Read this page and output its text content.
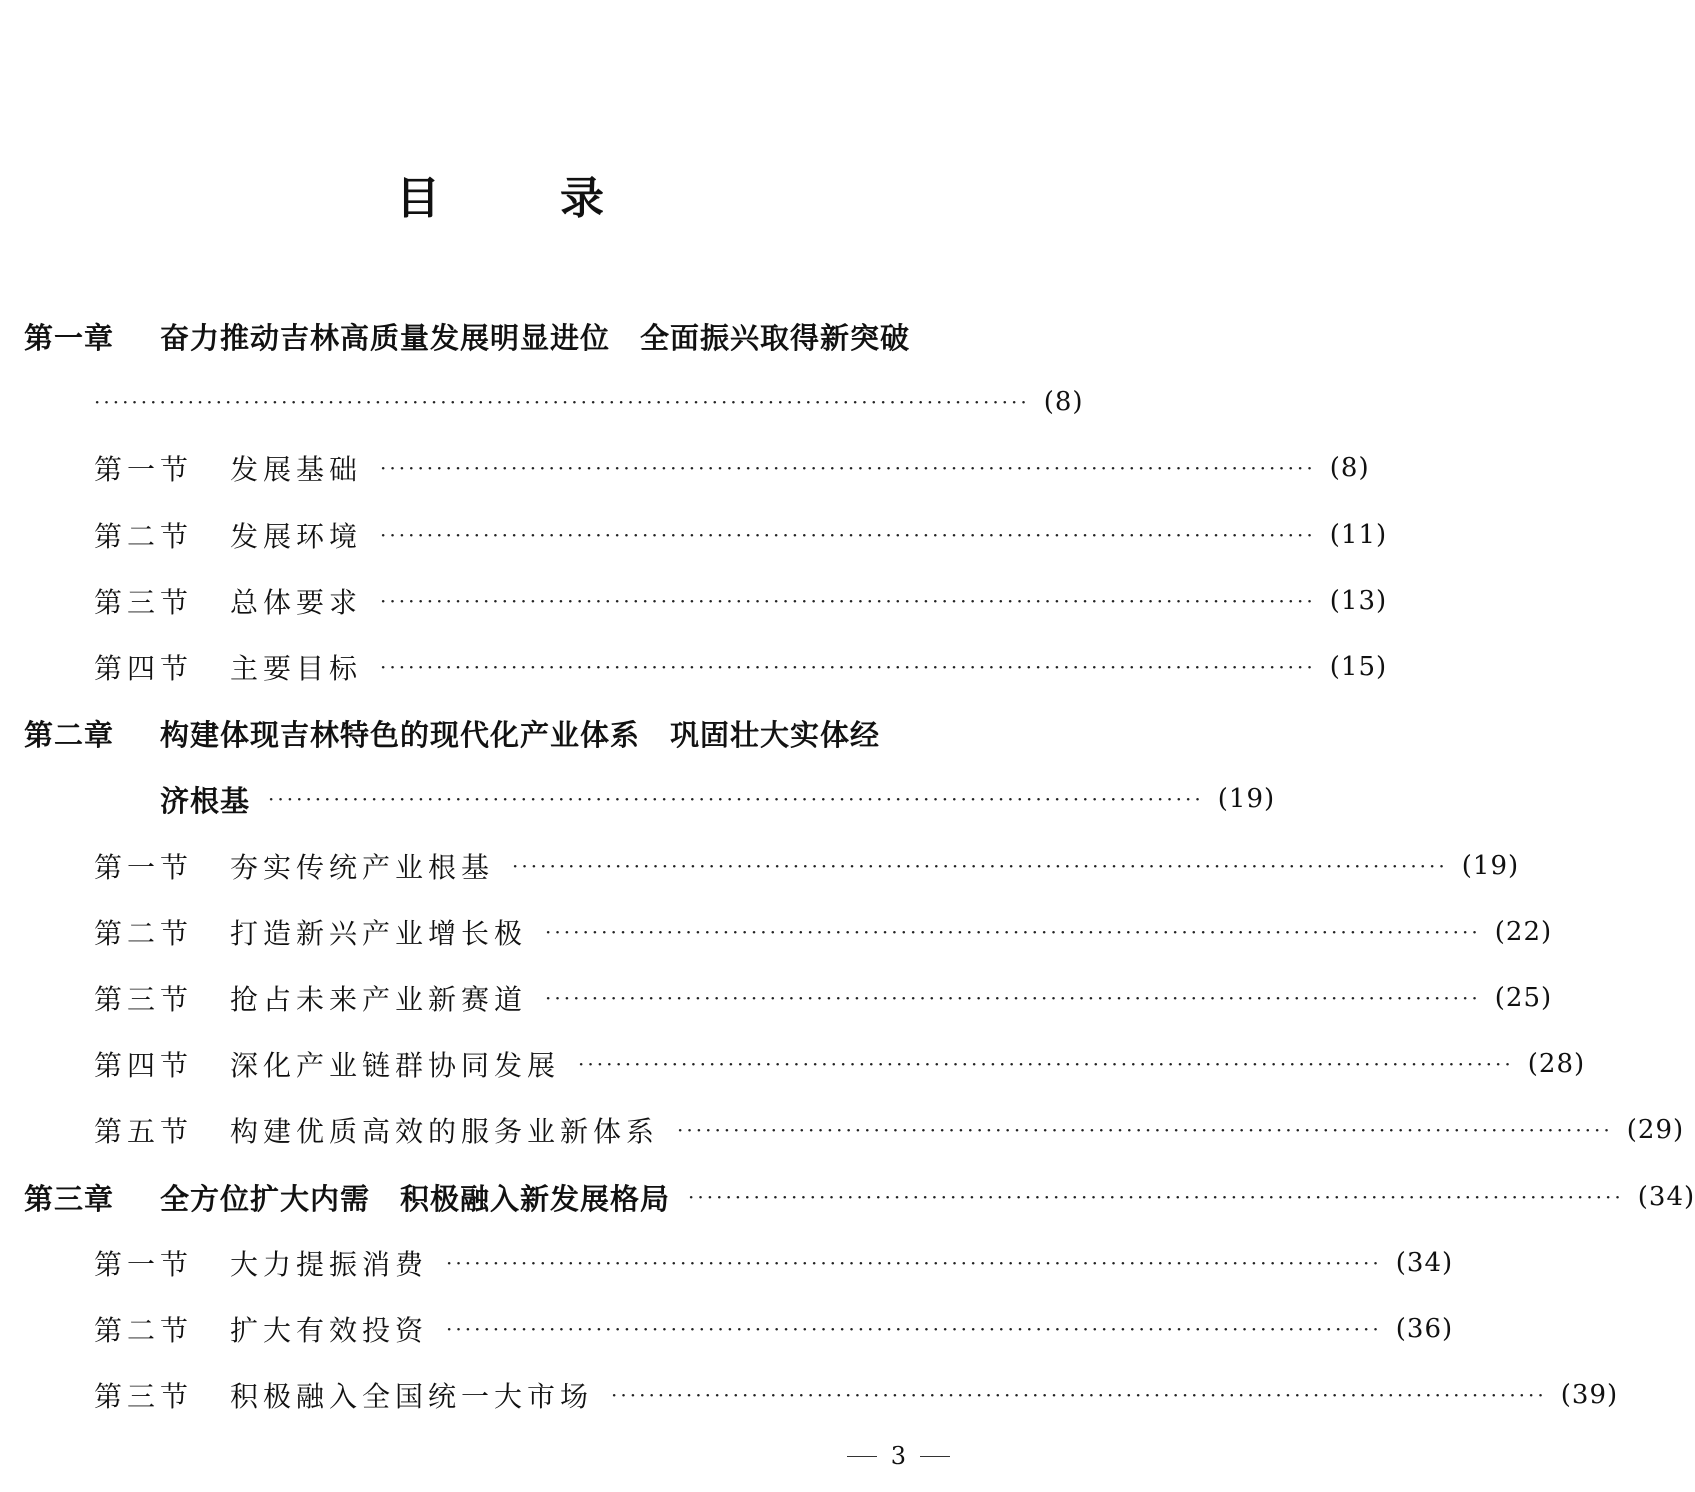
目	录
第一章	奋力推动吉林高质量发展明显进位　全面振兴取得新突破
···································································································· (8)
第一节	发展基础 ···································································································· (8)
第二节	发展环境 ···································································································· (11)
第三节	总体要求 ···································································································· (13)
第四节	主要目标 ···································································································· (15)
第二章	构建体现吉林特色的现代化产业体系　巩固壮大实体经
济根基 ···································································································· (19)
第一节	夯实传统产业根基 ···································································································· (19)
第二节	打造新兴产业增长极 ···································································································· (22)
第三节	抢占未来产业新赛道 ···································································································· (25)
第四节	深化产业链群协同发展 ···································································································· (28)
第五节	构建优质高效的服务业新体系 ···································································································· (29)
第三章	全方位扩大内需　积极融入新发展格局 ···································································································· (34)
第一节	大力提振消费 ···································································································· (34)
第二节	扩大有效投资 ···································································································· (36)
第三节	积极融入全国统一大市场 ···································································································· (39)
3
